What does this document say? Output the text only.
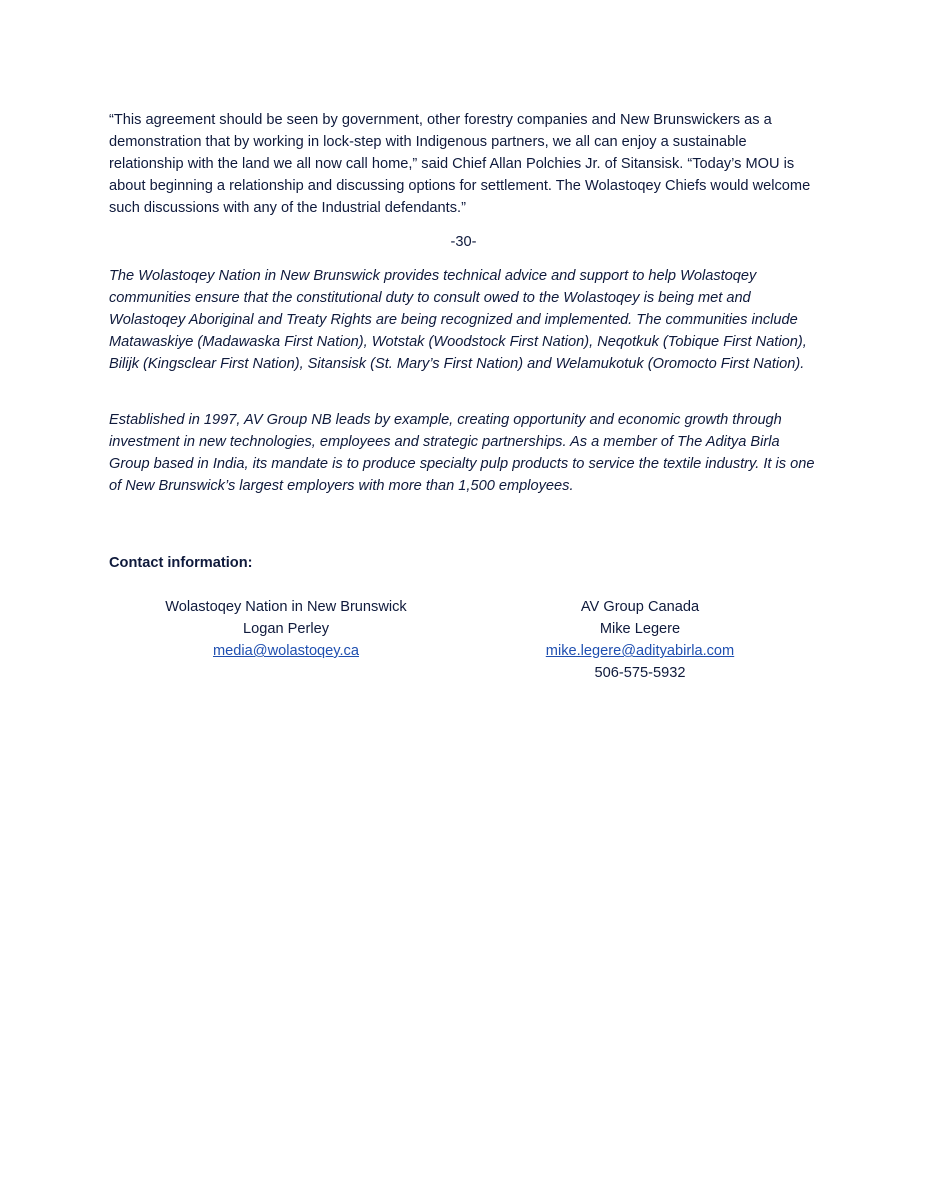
“This agreement should be seen by government, other forestry companies and New Brunswickers as a demonstration that by working in lock-step with Indigenous partners, we all can enjoy a sustainable relationship with the land we all now call home,” said Chief Allan Polchies Jr. of Sitansisk. “Today’s MOU is about beginning a relationship and discussing options for settlement. The Wolastoqey Chiefs would welcome such discussions with any of the Industrial defendants.”

-30-

The Wolastoqey Nation in New Brunswick provides technical advice and support to help Wolastoqey communities ensure that the constitutional duty to consult owed to the Wolastoqey is being met and Wolastoqey Aboriginal and Treaty Rights are being recognized and implemented. The communities include Matawaskiye (Madawaska First Nation), Wotstak (Woodstock First Nation), Neqotkuk (Tobique First Nation), Bilijk (Kingsclear First Nation), Sitansisk (St. Mary’s First Nation) and Welamukotuk (Oromocto First Nation).

Established in 1997, AV Group NB leads by example, creating opportunity and economic growth through investment in new technologies, employees and strategic partnerships. As a member of The Aditya Birla Group based in India, its mandate is to produce specialty pulp products to service the textile industry. It is one of New Brunswick’s largest employers with more than 1,500 employees.

Contact information:

Wolastoqey Nation in New Brunswick
Logan Perley
media@wolastoqey.ca
AV Group Canada
Mike Legere
mike.legere@adityabirla.com
506-575-5932
